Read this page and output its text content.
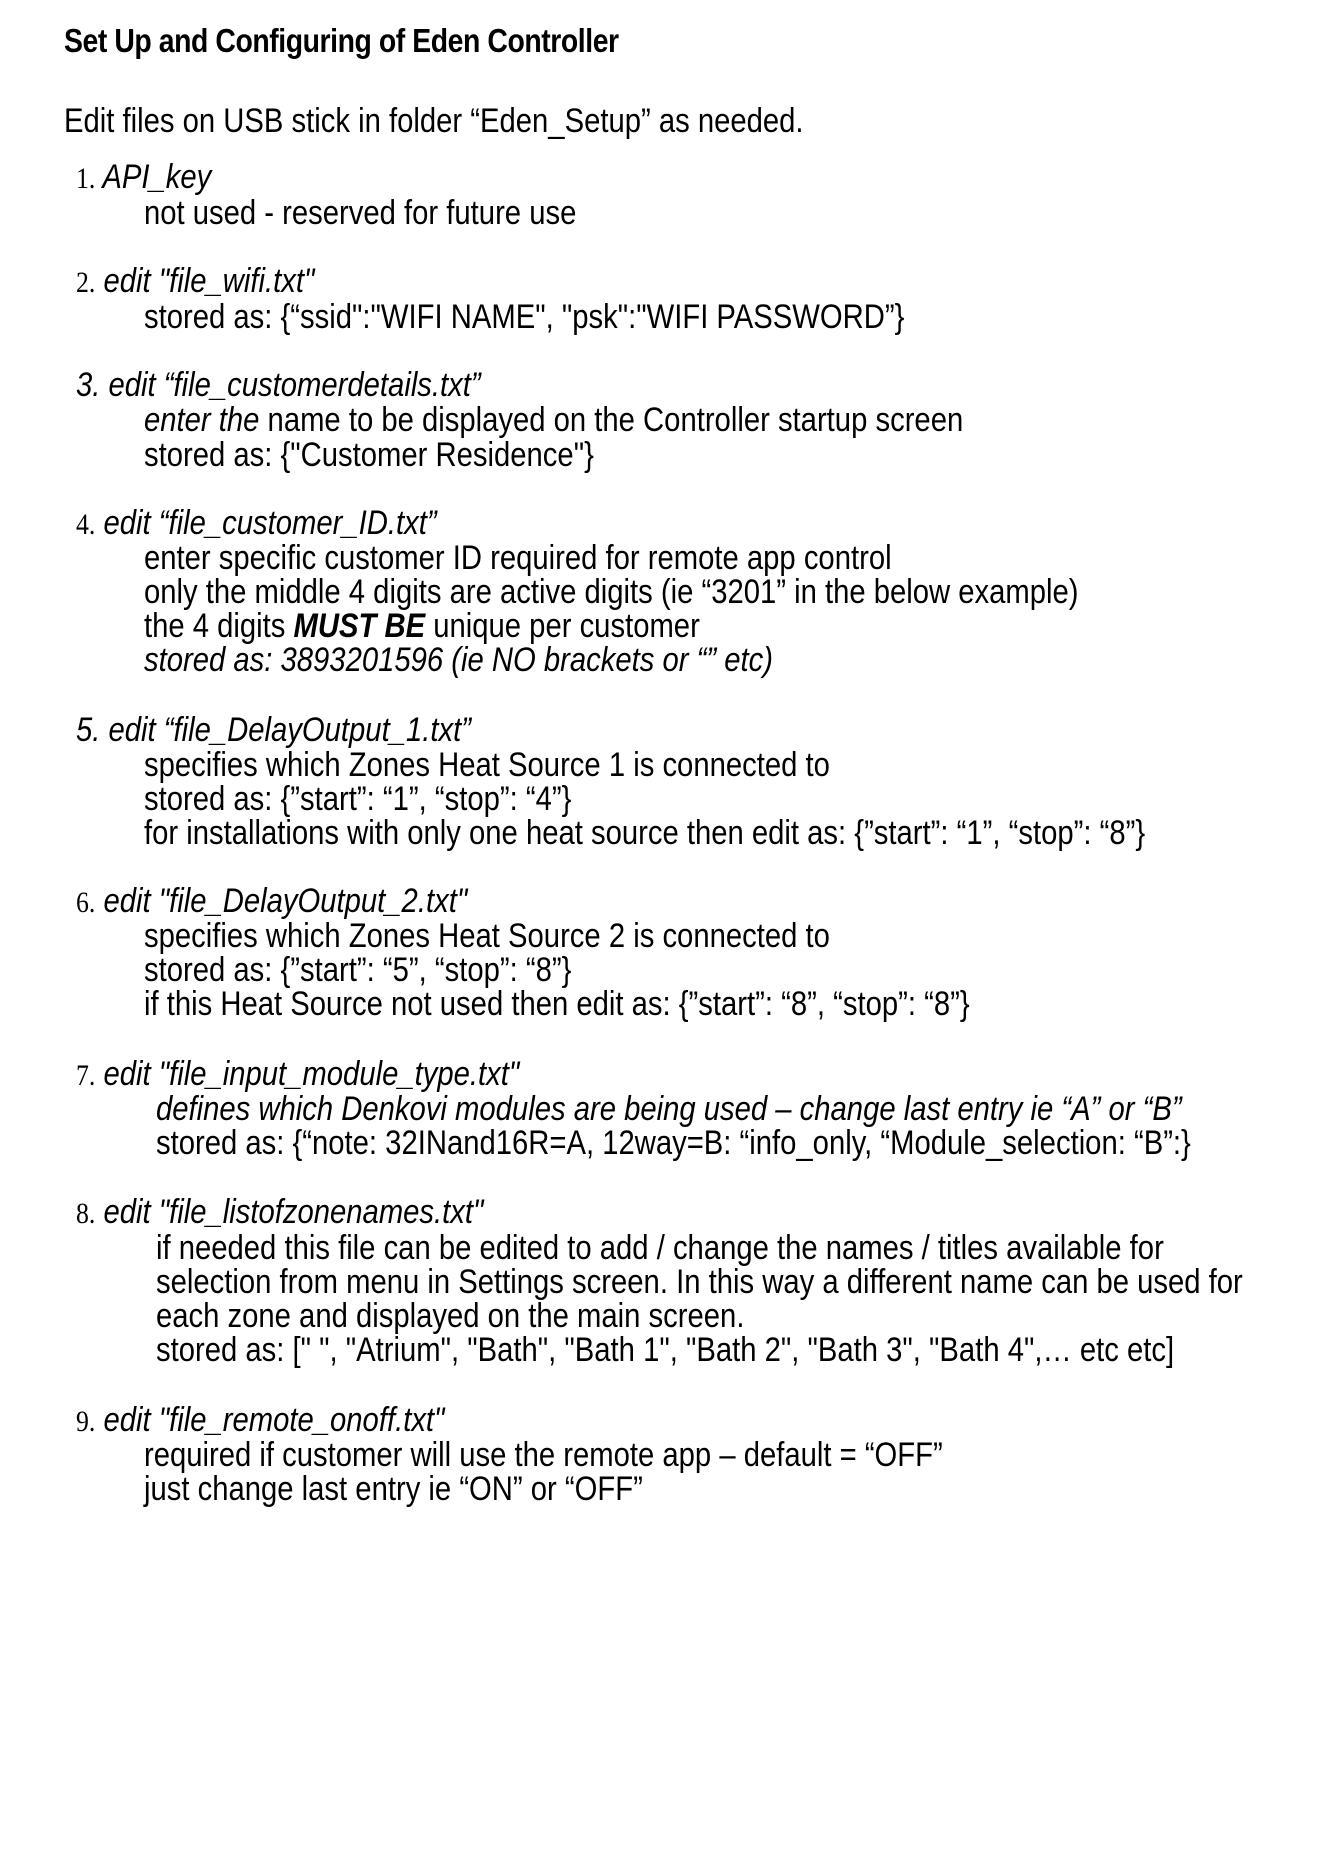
Set Up and Configuring of Eden Controller
Edit files on USB stick in folder “Eden_Setup” as needed.
1. API_key
not used - reserved for future use
2. edit "file_wifi.txt"
stored as: {“ssid":"WIFI NAME", "psk":"WIFI PASSWORD”}
3. edit “file_customerdetails.txt”
enter the name to be displayed on the Controller startup screen
stored as: {"Customer Residence"}
4. edit “file_customer_ID.txt”
enter specific customer ID required for remote app control
only the middle 4 digits are active digits (ie “3201” in the below example)
the 4 digits MUST BE unique per customer
stored as: 3893201596 (ie NO brackets or “” etc)
5. edit “file_DelayOutput_1.txt”
specifies which Zones Heat Source 1 is connected to
stored as: {”start”: “1”, “stop”: “4”}
for installations with only one heat source then edit as: {”start”: “1”, “stop”: “8”}
6. edit "file_DelayOutput_2.txt"
specifies which Zones Heat Source 2 is connected to
stored as: {”start”: “5”, “stop”: “8”}
if this Heat Source not used then edit as: {”start”: “8”, “stop”: “8”}
7. edit "file_input_module_type.txt"
defines which Denkovi modules are being used – change last entry ie “A” or “B”
stored as: {“note: 32INand16R=A, 12way=B: “info_only, “Module_selection: “B”:}
8. edit "file_listofzonenames.txt"
if needed this file can be edited to add / change the names / titles available for
selection from menu in Settings screen. In this way a different name can be used for
each zone and displayed on the main screen.
stored as: [" ", "Atrium", "Bath", "Bath 1", "Bath 2", "Bath 3", "Bath 4",… etc etc]
9. edit "file_remote_onoff.txt"
required if customer will use the remote app – default = “OFF”
just change last entry ie “ON” or “OFF”
